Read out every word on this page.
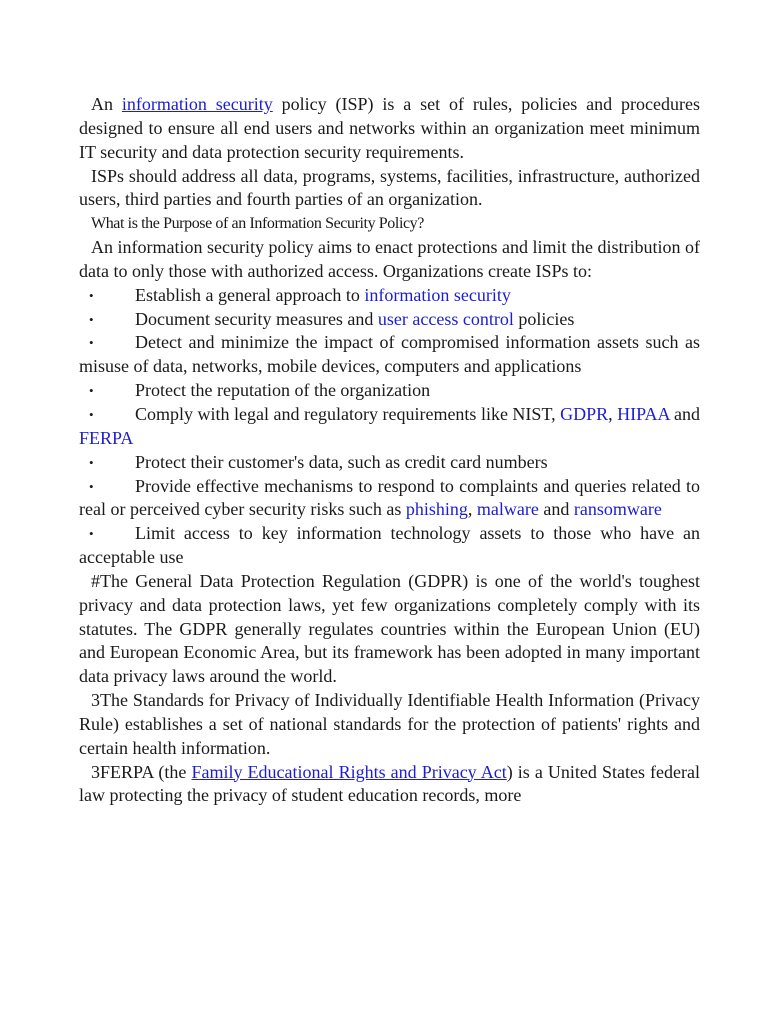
An information security policy (ISP) is a set of rules, policies and procedures designed to ensure all end users and networks within an organization meet minimum IT security and data protection security requirements.

ISPs should address all data, programs, systems, facilities, infrastructure, authorized users, third parties and fourth parties of an organization.

What is the Purpose of an Information Security Policy?

An information security policy aims to enact protections and limit the distribution of data to only those with authorized access. Organizations create ISPs to:

• Establish a general approach to information security

• Document security measures and user access control policies

• Detect and minimize the impact of compromised information assets such as misuse of data, networks, mobile devices, computers and applications

• Protect the reputation of the organization

• Comply with legal and regulatory requirements like NIST, GDPR, HIPAA and FERPA

• Protect their customer's data, such as credit card numbers

• Provide effective mechanisms to respond to complaints and queries related to real or perceived cyber security risks such as phishing, malware and ransomware

• Limit access to key information technology assets to those who have an acceptable use

#The General Data Protection Regulation (GDPR) is one of the world's toughest privacy and data protection laws, yet few organizations completely comply with its statutes. The GDPR generally regulates countries within the European Union (EU) and European Economic Area, but its framework has been adopted in many important data privacy laws around the world.

3The Standards for Privacy of Individually Identifiable Health Information (Privacy Rule) establishes a set of national standards for the protection of patients' rights and certain health information.

3FERPA (the Family Educational Rights and Privacy Act) is a United States federal law protecting the privacy of student education records, more
